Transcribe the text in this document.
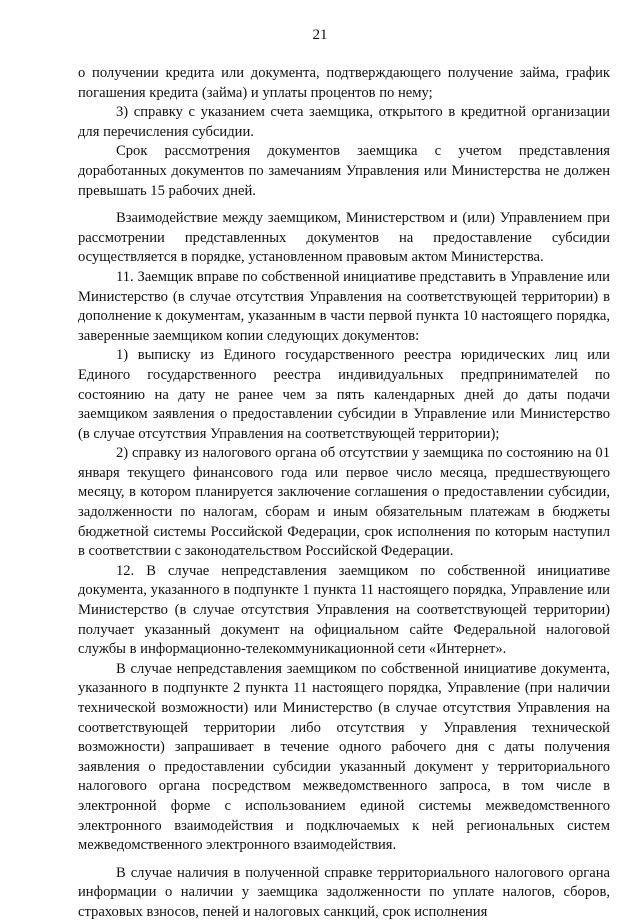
21

о получении кредита или документа, подтверждающего получение займа, график погашения кредита (займа) и уплаты процентов по нему;

3) справку с указанием счета заемщика, открытого в кредитной организации для перечисления субсидии.

Срок рассмотрения документов заемщика с учетом представления доработанных документов по замечаниям Управления или Министерства не должен превышать 15 рабочих дней.

Взаимодействие между заемщиком, Министерством и (или) Управлением при рассмотрении представленных документов на предоставление субсидии осуществляется в порядке, установленном правовым актом Министерства.

11. Заемщик вправе по собственной инициативе представить в Управление или Министерство (в случае отсутствия Управления на соответствующей территории) в дополнение к документам, указанным в части первой пункта 10 настоящего порядка, заверенные заемщиком копии следующих документов:

1) выписку из Единого государственного реестра юридических лиц или Единого государственного реестра индивидуальных предпринимателей по состоянию на дату не ранее чем за пять календарных дней до даты подачи заемщиком заявления о предоставлении субсидии в Управление или Министерство (в случае отсутствия Управления на соответствующей территории);

2) справку из налогового органа об отсутствии у заемщика по состоянию на 01 января текущего финансового года или первое число месяца, предшествующего месяцу, в котором планируется заключение соглашения о предоставлении субсидии, задолженности по налогам, сборам и иным обязательным платежам в бюджеты бюджетной системы Российской Федерации, срок исполнения по которым наступил в соответствии с законодательством Российской Федерации.

12. В случае непредставления заемщиком по собственной инициативе документа, указанного в подпункте 1 пункта 11 настоящего порядка, Управление или Министерство (в случае отсутствия Управления на соответствующей территории) получает указанный документ на официальном сайте Федеральной налоговой службы в информационно-телекоммуникационной сети «Интернет».

В случае непредставления заемщиком по собственной инициативе документа, указанного в подпункте 2 пункта 11 настоящего порядка, Управление (при наличии технической возможности) или Министерство (в случае отсутствия Управления на соответствующей территории либо отсутствия у Управления технической возможности) запрашивает в течение одного рабочего дня с даты получения заявления о предоставлении субсидии указанный документ у территориального налогового органа посредством межведомственного запроса, в том числе в электронной форме с использованием единой системы межведомственного электронного взаимодействия и подключаемых к ней региональных систем межведомственного электронного взаимодействия.

В случае наличия в полученной справке территориального налогового органа информации о наличии у заемщика задолженности по уплате налогов, сборов, страховых взносов, пеней и налоговых санкций, срок исполнения
